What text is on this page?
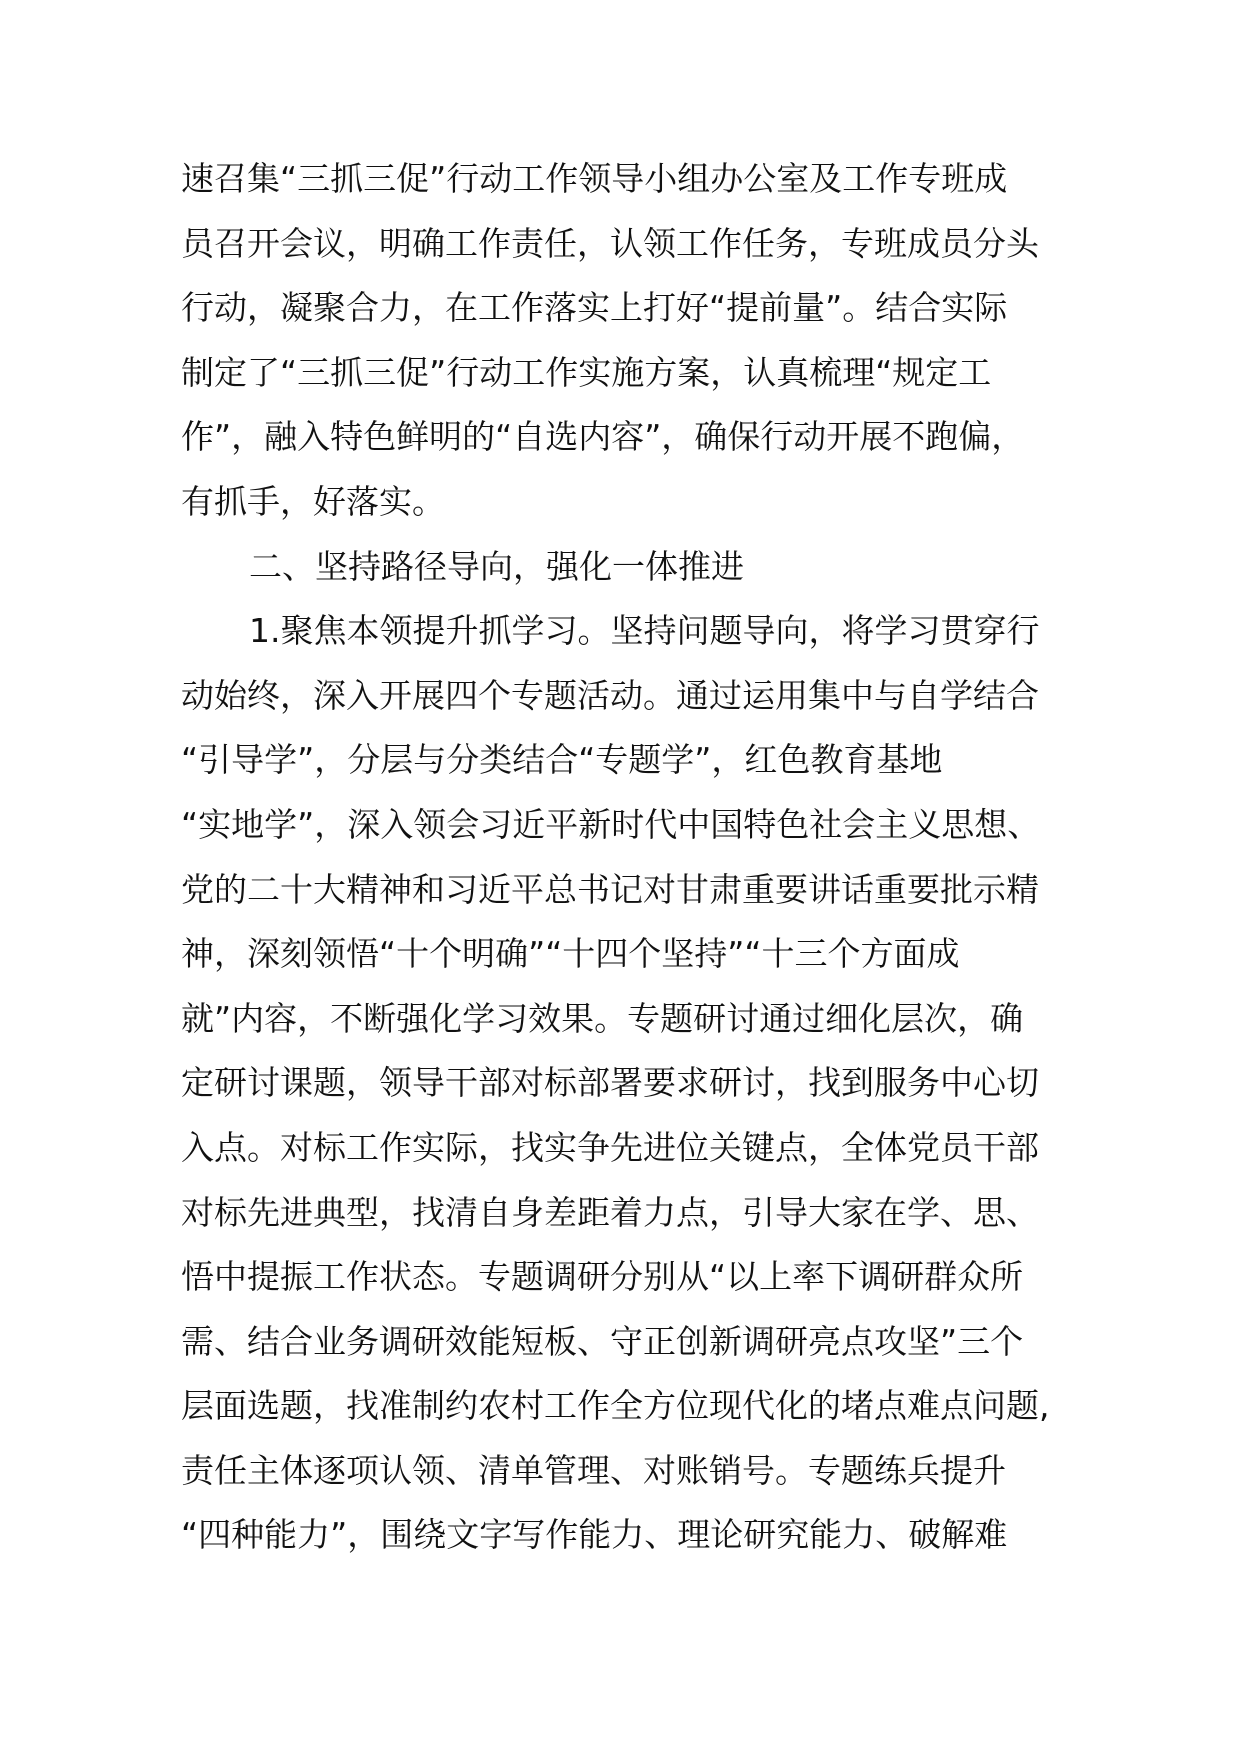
速召集“三抓三促”行动工作领导小组办公室及工作专班成
员召开会议，明确工作责任，认领工作任务，专班成员分头
行动，凝聚合力，在工作落实上打好“提前量”。结合实际
制定了“三抓三促”行动工作实施方案，认真梳理“规定工
作”，融入特色鲜明的“自选内容”，确保行动开展不跑偏，
有抓手，好落实。
二、坚持路径导向，强化一体推进
1.聚焦本领提升抓学习。坚持问题导向，将学习贯穿行
动始终，深入开展四个专题活动。通过运用集中与自学结合
“引导学”，分层与分类结合“专题学”，红色教育基地
“实地学”，深入领会习近平新时代中国特色社会主义思想、
党的二十大精神和习近平总书记对甘肃重要讲话重要批示精
神，深刻领悟“十个明确”“十四个坚持”“十三个方面成
就”内容，不断强化学习效果。专题研讨通过细化层次，确
定研讨课题，领导干部对标部署要求研讨，找到服务中心切
入点。对标工作实际，找实争先进位关键点，全体党员干部
对标先进典型，找清自身差距着力点，引导大家在学、思、
悟中提振工作状态。专题调研分别从“以上率下调研群众所
需、结合业务调研效能短板、守正创新调研亮点攻坚”三个
层面选题，找准制约农村工作全方位现代化的堵点难点问题,
责任主体逐项认领、清单管理、对账销号。专题练兵提升
“四种能力”，围绕文字写作能力、理论研究能力、破解难
